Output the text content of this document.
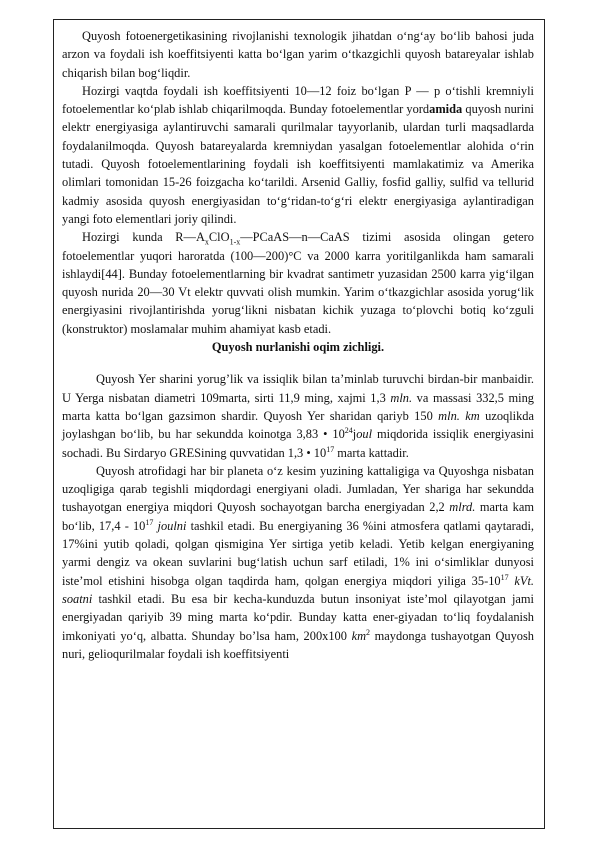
Quyosh fotoenergetikasining rivojlanishi texnologik jihatdan o‘ng‘ay bo‘lib bahosi juda arzon va foydali ish koeffitsiyenti katta bo‘lgan yarim o‘tkazgichli quyosh batareyalar ishlab chiqarish bilan bog‘liqdir.

Hozirgi vaqtda foydali ish koeffitsiyenti 10—12 foiz bo‘lgan P — p o‘tishli kremniyli fotoelementlar ko‘plab ishlab chiqarilmoqda. Bunday fotoelementlar yordamida quyosh nurini elektr energiyasiga aylantiruvchi samarali qurilmalar tayyorlanib, ulardan turli maqsadlarda foydalanilmoqda. Quyosh batareyalarda kremniydan yasalgan fotoelementlar alohida o‘rin tutadi. Quyosh fotoelementlarining foydali ish koeffitsiyenti mamlakatimiz va Amerika olimlari tomonidan 15-26 foizgacha ko‘tarildi. Arsenid Galliy, fosfid galliy, sulfid va tellurid kadmiy asosida quyosh energiyasidan to‘g‘ridan-to‘g‘ri elektr energiyasiga aylantiradigan yangi foto elementlari joriy qilindi.

Hozirgi kunda $R—A_xClO_{1-x}—PCaAS—n—CaAS$ tizimi asosida olingan getero fotoelementlar yuqori haroratda (100—200)°C va 2000 karra yoritilganlikda ham samarali ishlaydi[44]. Bunday fotoelementlarning bir kvadrat santimetr yuzasidan 2500 karra yig‘ilgan quyosh nurida 20—30 Vt elektr quvvati olish mumkin. Yarim o‘tkazgichlar asosida yorug‘lik energiyasini rivojlantirishda yorug‘likni nisbatan kichik yuzaga to‘plovchi botiq ko‘zguli (konstruktor) moslamalar muhim ahamiyat kasb etadi.

Quyosh nurlanishi oqim zichligi.

Quyosh Yer sharini yorug’lik va issiqlik bilan ta’minlab turuvchi birdan-bir manbaidir. U Yerga nisbatan diametri 109marta, sirti 11,9 ming, xajmi 1,3 mln. va massasi 332,5 ming marta katta bo‘lgan gazsimon shardir. Quyosh Yer sharidan qariyb 150 mln. km uzoqlikda joylashgan bo‘lib, bu har sekundda koinotga 3,83 • $10^{24}joul$ miqdorida issiqlik energiyasini sochadi. Bu Sirdaryo GRESining quvvatidan 1,3 • $10^{17}$ marta kattadir.

Quyosh atrofidagi har bir planeta o‘z kesim yuzining kattaligiga va Quyoshga nisbatan uzoqligiga qarab tegishli miqdordagi energiyani oladi. Jumladan, Yer shariga har sekundda tushayotgan energiya miqdori Quyosh sochayotgan barcha energiyadan 2,2 mlrd. marta kam bo‘lib, $17,4 - 10^{17}$ joulni tashkil etadi. Bu energiyaning 36 %ini atmosfera qatlami qaytaradi, 17%ini yutib qoladi, qolgan qismigina Yer sirtiga yetib keladi. Yetib kelgan energiyaning yarmi dengiz va okean suvlarini bug‘latish uchun sarf etiladi, 1% ini o‘simliklar dunyosi iste’mol etishini hisobga olgan taqdirda ham, qolgan energiya miqdori yiliga $35-10^{17}$ kVt. soatni tashkil etadi. Bu esa bir kecha-kunduzda butun insoniyat iste’mol qilayotgan jami energiyadan qariyib 39 ming marta ko‘pdir. Bunday katta ener-giyadan to‘liq foydalanish imkoniyati yo‘q, albatta. Shunday bo’lsa ham, 200x100 $km^2$ maydonga tushayotgan Quyosh nuri, gelioqurilmalar foydali ish koeffitsiyenti
